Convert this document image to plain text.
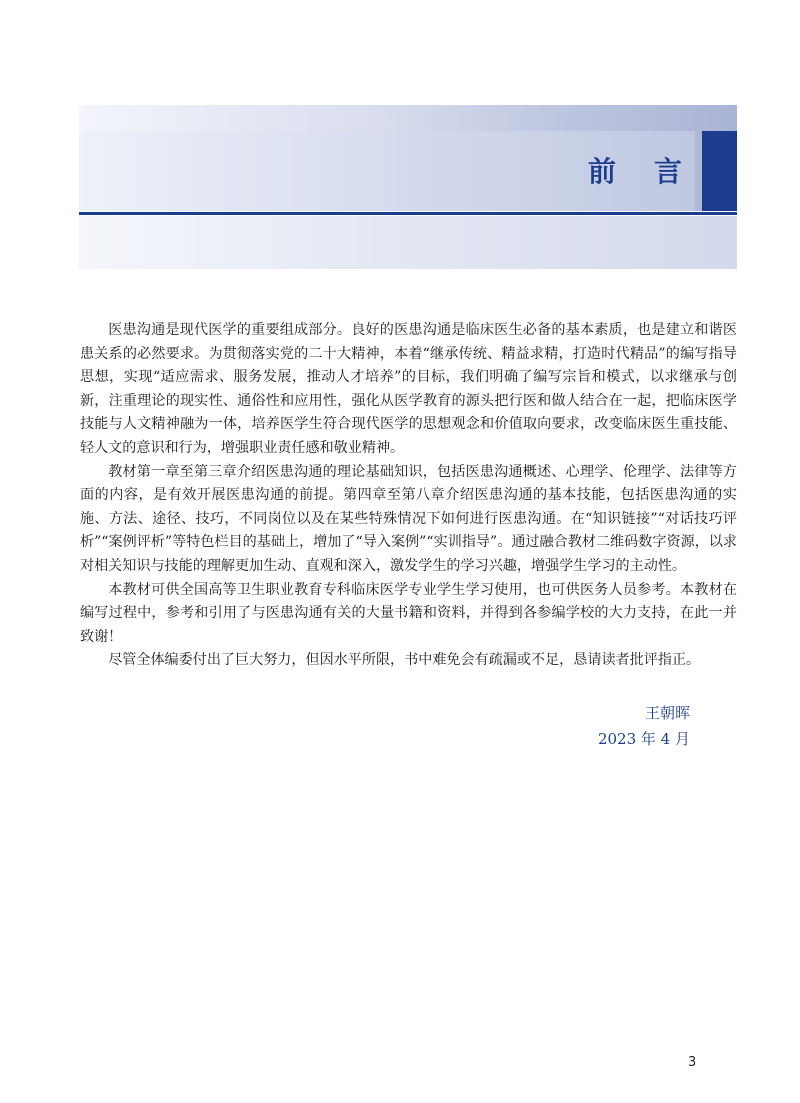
前言

医患沟通是现代医学的重要组成部分。良好的医患沟通是临床医生必备的基本素质，也是建立和谐医患关系的必然要求。为贯彻落实党的二十大精神，本着“继承传统、精益求精，打造时代精品”的编写指导思想，实现“适应需求、服务发展，推动人才培养”的目标，我们明确了编写宗旨和模式，以求继承与创新，注重理论的现实性、通俗性和应用性，强化从医学教育的源头把行医和做人结合在一起，把临床医学技能与人文精神融为一体，培养医学生符合现代医学的思想观念和价值取向要求，改变临床医生重技能、轻人文的意识和行为，增强职业责任感和敬业精神。

教材第一章至第三章介绍医患沟通的理论基础知识，包括医患沟通概述、心理学、伦理学、法律等方面的内容，是有效开展医患沟通的前提。第四章至第八章介绍医患沟通的基本技能，包括医患沟通的实施、方法、途径、技巧，不同岗位以及在某些特殊情况下如何进行医患沟通。在“知识链接”“对话技巧评析”“案例评析”等特色栏目的基础上，增加了“导入案例”“实训指导”。通过融合教材二维码数字资源，以求对相关知识与技能的理解更加生动、直观和深入，激发学生的学习兴趣，增强学生学习的主动性。

本教材可供全国高等卫生职业教育专科临床医学专业学生学习使用，也可供医务人员参考。本教材在编写过程中，参考和引用了与医患沟通有关的大量书籍和资料，并得到各参编学校的大力支持，在此一并致谢！

尽管全体编委付出了巨大努力，但因水平所限，书中难免会有疏漏或不足，恳请读者批评指正。

王朝晖
2023 年 4 月
3
